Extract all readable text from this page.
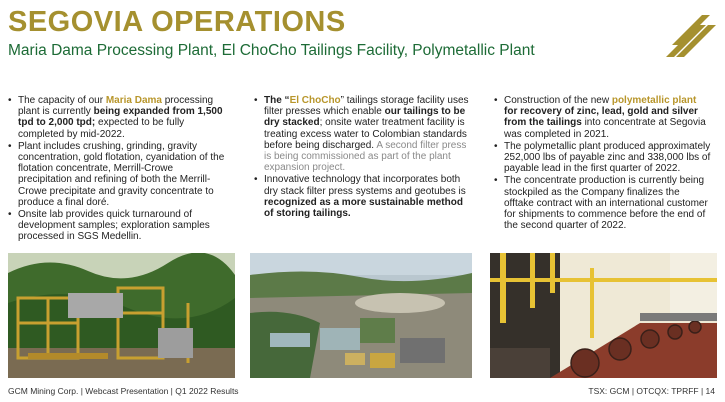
SEGOVIA OPERATIONS
Maria Dama Processing Plant, El ChoCho Tailings Facility, Polymetallic Plant
• The capacity of our Maria Dama processing plant is currently being expanded from 1,500 tpd to 2,000 tpd; expected to be fully completed by mid-2022.
• Plant includes crushing, grinding, gravity concentration, gold flotation, cyanidation of the flotation concentrate, Merrill-Crowe precipitation and refining of both the Merrill-Crowe precipitate and gravity concentrate to produce a final doré.
• Onsite lab provides quick turnaround of development samples; exploration samples processed in SGS Medellin.
• The “El ChoCho” tailings storage facility uses filter presses which enable our tailings to be dry stacked; onsite water treatment facility is treating excess water to Colombian standards before being discharged. A second filter press is being commissioned as part of the plant expansion project.
• Innovative technology that incorporates both dry stack filter press systems and geotubes is recognized as a more sustainable method of storing tailings.
• Construction of the new polymetallic plant for recovery of zinc, lead, gold and silver from the tailings into concentrate at Segovia was completed in 2021.
• The polymetallic plant produced approximately 252,000 lbs of payable zinc and 338,000 lbs of payable lead in the first quarter of 2022.
• The concentrate production is currently being stockpiled as the Company finalizes the offtake contract with an international customer for shipments to commence before the end of the second quarter of 2022.
GCM Mining Corp. | Webcast Presentation | Q1 2022 Results	TSX: GCM | OTCQX: TPRFF | 14
